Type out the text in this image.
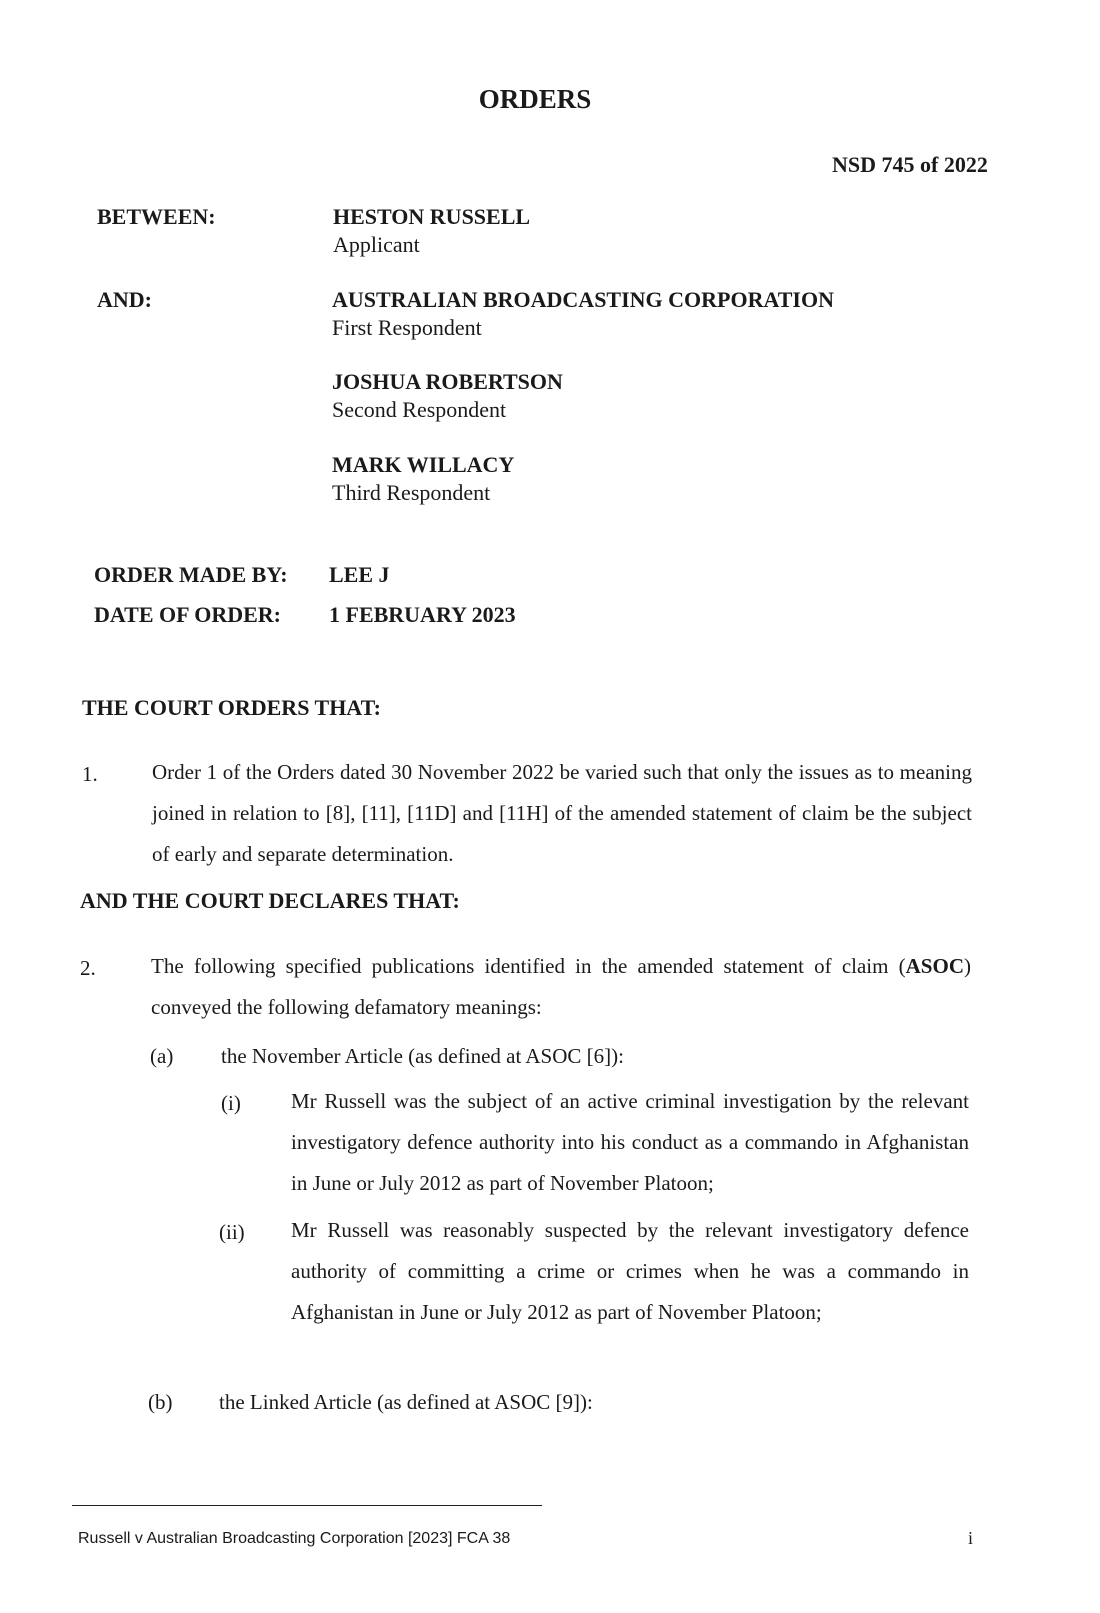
ORDERS
NSD 745 of 2022
BETWEEN:	HESTON RUSSELL
Applicant
AND:	AUSTRALIAN BROADCASTING CORPORATION
First Respondent
JOSHUA ROBERTSON
Second Respondent
MARK WILLACY
Third Respondent
ORDER MADE BY: LEE J
DATE OF ORDER: 1 FEBRUARY 2023
THE COURT ORDERS THAT:
1.	Order 1 of the Orders dated 30 November 2022 be varied such that only the issues as to meaning joined in relation to [8], [11], [11D] and [11H] of the amended statement of claim be the subject of early and separate determination.
AND THE COURT DECLARES THAT:
2.	The following specified publications identified in the amended statement of claim (ASOC) conveyed the following defamatory meanings:
(a) the November Article (as defined at ASOC [6]):
(i) Mr Russell was the subject of an active criminal investigation by the relevant investigatory defence authority into his conduct as a commando in Afghanistan in June or July 2012 as part of November Platoon;
(ii) Mr Russell was reasonably suspected by the relevant investigatory defence authority of committing a crime or crimes when he was a commando in Afghanistan in June or July 2012 as part of November Platoon;
(b) the Linked Article (as defined at ASOC [9]):
Russell v Australian Broadcasting Corporation [2023] FCA 38	i
